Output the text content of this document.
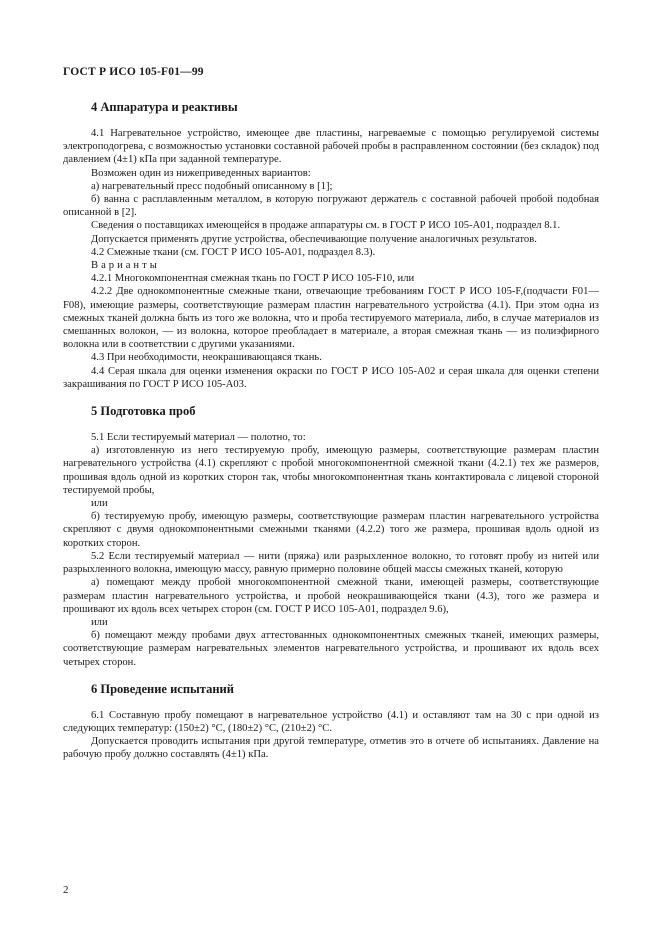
ГОСТ Р ИСО 105-F01—99
4 Аппаратура и реактивы

4.1 Нагревательное устройство, имеющее две пластины, нагреваемые с помощью регулируемой системы электроподогрева, с возможностью установки составной рабочей пробы в расправленном состоянии (без складок) под давлением (4±1) кПа при заданной температуре.

Возможен один из нижеприведенных вариантов:

а) нагревательный пресс подобный описанному в [1];

б) ванна с расплавленным металлом, в которую погружают держатель с составной рабочей пробой подобная описанной в [2].

Сведения о поставщиках имеющейся в продаже аппаратуры см. в ГОСТ Р ИСО 105-А01, подраздел 8.1.

Допускается применять другие устройства, обеспечивающие получение аналогичных результатов.

4.2 Смежные ткани (см. ГОСТ Р ИСО 105-А01, подраздел 8.3).

Варианты

4.2.1 Многокомпонентная смежная ткань по ГОСТ Р ИСО 105-F10, или

4.2.2 Две однокомпонентные смежные ткани, отвечающие требованиям ГОСТ Р ИСО 105-F,(подчасти F01—F08), имеющие размеры, соответствующие размерам пластин нагревательного устройства (4.1). При этом одна из смежных тканей должна быть из того же волокна, что и проба тестируемого материала, либо, в случае материалов из смешанных волокон, — из волокна, которое преобладает в материале, а вторая смежная ткань — из полиэфирного волокна или в соответствии с другими указаниями.

4.3 При необходимости, неокрашивающаяся ткань.

4.4 Серая шкала для оценки изменения окраски по ГОСТ Р ИСО 105-А02 и серая шкала для оценки степени закрашивания по ГОСТ Р ИСО 105-А03.

5 Подготовка проб

5.1 Если тестируемый материал — полотно, то:

а) изготовленную из него тестируемую пробу, имеющую размеры, соответствующие размерам пластин нагревательного устройства (4.1) скрепляют с пробой многокомпонентной смежной ткани (4.2.1) тех же размеров, прошивая вдоль одной из коротких сторон так, чтобы многокомпонентная ткань контактировала с лицевой стороной тестируемой пробы,

или

б) тестируемую пробу, имеющую размеры, соответствующие размерам пластин нагревательного устройства скрепляют с двумя однокомпонентными смежными тканями (4.2.2) того же размера, прошивая вдоль одной из коротких сторон.

5.2 Если тестируемый материал — нити (пряжа) или разрыхленное волокно, то готовят пробу из нитей или разрыхленного волокна, имеющую массу, равную примерно половине общей массы смежных тканей, которую

а) помещают между пробой многокомпонентной смежной ткани, имеющей размеры, соответствующие размерам пластин нагревательного устройства, и пробой неокрашивающейся ткани (4.3), того же размера и прошивают их вдоль всех четырех сторон (см. ГОСТ Р ИСО 105-А01, подраздел 9.6),

или

б) помещают между пробами двух аттестованных однокомпонентных смежных тканей, имеющих размеры, соответствующие размерам нагревательных элементов нагревательного устройства, и прошивают их вдоль всех четырех сторон.

6 Проведение испытаний

6.1 Составную пробу помещают в нагревательное устройство (4.1) и оставляют там на 30 с при одной из следующих температур: (150±2) °С, (180±2) °С, (210±2) °С.

Допускается проводить испытания при другой температуре, отметив это в отчете об испытаниях. Давление на рабочую пробу должно составлять (4±1) кПа.

2
